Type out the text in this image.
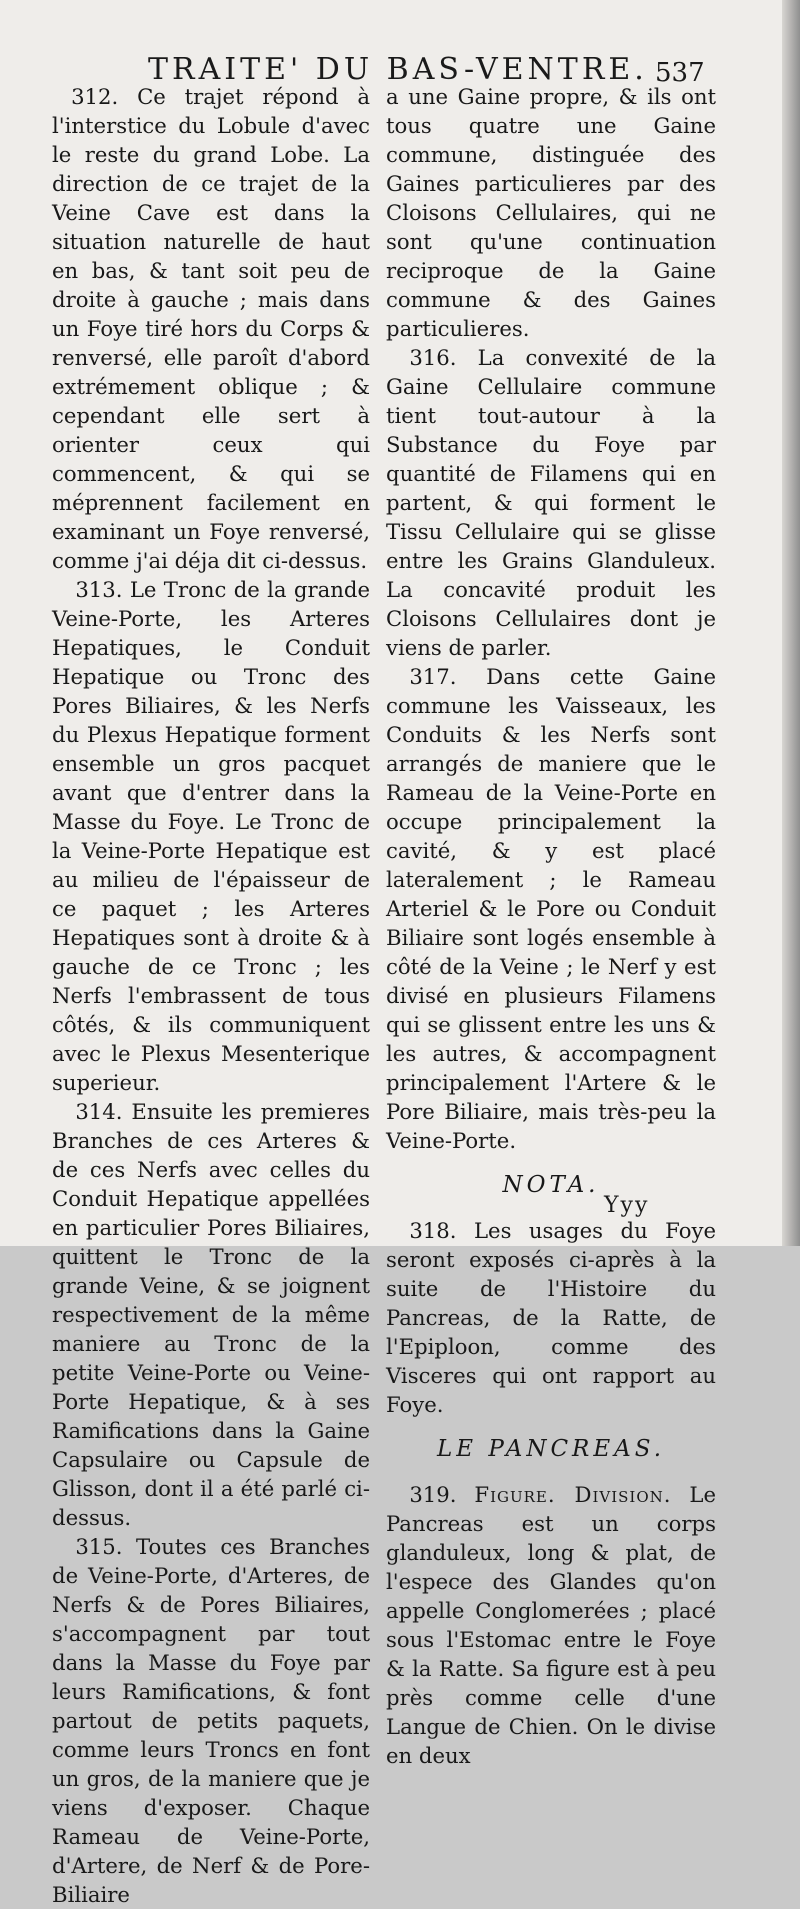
TRAITE' DU BAS-VENTRE. 537

312. Ce trajet répond à l'interstice du Lobule d'avec le reste du grand Lobe. La direction de ce trajet de la Veine Cave est dans la situation naturelle de haut en bas, & tant soit peu de droite à gauche ; mais dans un Foye tiré hors du Corps & renversé, elle paroît d'abord extrémement oblique ; & cependant elle sert à orienter ceux qui commencent, & qui se méprennent facilement en examinant un Foye renversé, comme j'ai déja dit ci-dessus.

313. Le Tronc de la grande Veine-Porte, les Arteres Hepatiques, le Conduit Hepatique ou Tronc des Pores Biliaires, & les Nerfs du Plexus Hepatique forment ensemble un gros pacquet avant que d'entrer dans la Masse du Foye. Le Tronc de la Veine-Porte Hepatique est au milieu de l'épaisseur de ce paquet ; les Arteres Hepatiques sont à droite & à gauche de ce Tronc ; les Nerfs l'embrassent de tous côtés, & ils communiquent avec le Plexus Mesenterique superieur.

314. Ensuite les premieres Branches de ces Arteres & de ces Nerfs avec celles du Conduit Hepatique appellées en particulier Pores Biliaires, quittent le Tronc de la grande Veine, & se joignent respectivement de la même maniere au Tronc de la petite Veine-Porte ou Veine-Porte Hepatique, & à ses Ramifications dans la Gaine Capsulaire ou Capsule de Glisson, dont il a été parlé ci-dessus.

315. Toutes ces Branches de Veine-Porte, d'Arteres, de Nerfs & de Pores Biliaires, s'accompagnent par tout dans la Masse du Foye par leurs Ramifications, & font partout de petits paquets, comme leurs Troncs en font un gros, de la maniere que je viens d'exposer. Chaque Rameau de Veine-Porte, d'Artere, de Nerf & de Pore-Biliaire

a une Gaine propre, & ils ont tous quatre une Gaine commune, distinguée des Gaines particulieres par des Cloisons Cellulaires, qui ne sont qu'une continuation reciproque de la Gaine commune & des Gaines particulieres.

316. La convexité de la Gaine Cellulaire commune tient tout-autour à la Substance du Foye par quantité de Filamens qui en partent, & qui forment le Tissu Cellulaire qui se glisse entre les Grains Glanduleux. La concavité produit les Cloisons Cellulaires dont je viens de parler.

317. Dans cette Gaine commune les Vaisseaux, les Conduits & les Nerfs sont arrangés de maniere que le Rameau de la Veine-Porte en occupe principalement la cavité, & y est placé lateralement ; le Rameau Arteriel & le Pore ou Conduit Biliaire sont logés ensemble à côté de la Veine ; le Nerf y est divisé en plusieurs Filamens qui se glissent entre les uns & les autres, & accompagnent principalement l'Artere & le Pore Biliaire, mais très-peu la Veine-Porte.

NOTA.

318. Les usages du Foye seront exposés ci-après à la suite de l'Histoire du Pancreas, de la Ratte, de l'Epiploon, comme des Visceres qui ont rapport au Foye.

LE PANCREAS.

319. Figure. Division. Le Pancreas est un corps glanduleux, long & plat, de l'espece des Glandes qu'on appelle Conglomerées ; placé sous l'Estomac entre le Foye & la Ratte. Sa figure est à peu près comme celle d'une Langue de Chien. On le divise en deux

Yyy
